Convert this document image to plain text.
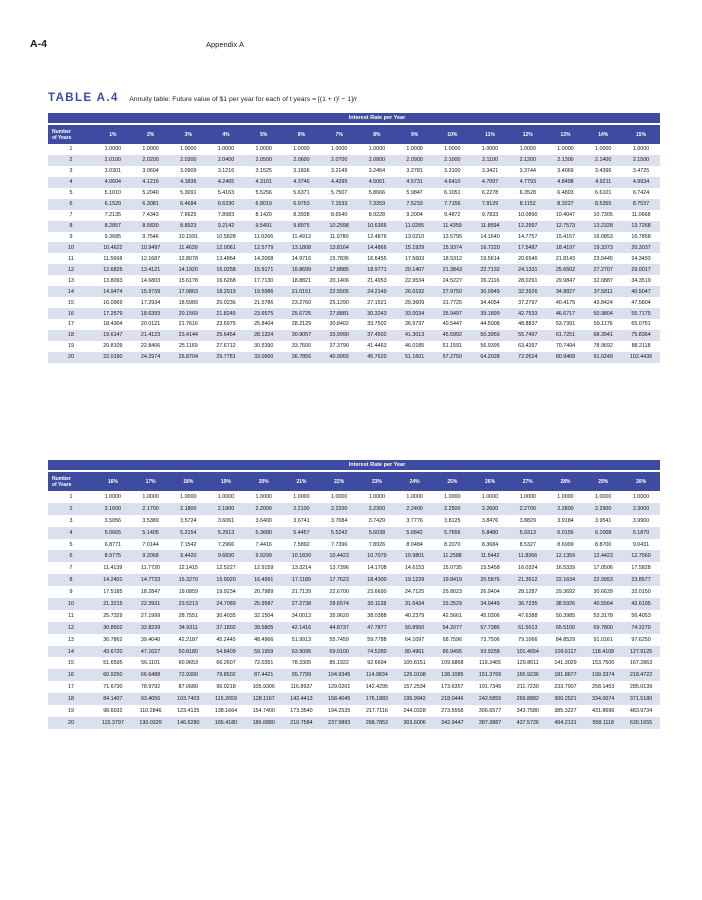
A-4	Appendix A
TABLE A.4 Annuity table: Future value of $1 per year for each of t years = [(1 + r)ᵗ − 1]/r
	Interest Rate per Year														

Number
of Years	1%	2%	3%	4%	5%	6%	7%	8%	9%	10%	11%	12%	13%	14%	15%
1	1.0000	1.0000	1.0000	1.0000	1.0000	1.0000	1.0000	1.0000	1.0000	1.0000	1.0000	1.0000	1.0000	1.0000	1.0000
2	2.0100	2.0200	2.0300	2.0400	2.0500	2.0600	2.0700	2.0800	2.0900	2.1000	2.1100	2.1200	2.1300	2.1400	2.1500
3	3.0301	3.0604	3.0909	3.1216	3.1525	3.1836	3.2149	3.2464	3.2781	3.3100	3.3421	3.3744	3.4069	3.4396	3.4725
4	4.0604	4.1216	4.1836	4.2465	4.3101	4.3746	4.4399	4.5061	4.5731	4.6410	4.7097	4.7793	4.8498	4.9211	4.9934
5	5.1010	5.2040	5.3091	5.4163	5.5256	5.6371	5.7507	5.8666	5.9847	6.1051	6.2278	6.3528	6.4803	6.6101	6.7424
6	6.1520	6.3081	6.4684	6.6330	6.8019	6.9753	7.1533	7.3359	7.5233	7.7156	7.9129	8.1152	8.3227	8.5355	8.7537
7	7.2135	7.4343	7.6625	7.8983	8.1420	8.3938	8.6540	8.9228	9.2004	9.4872	9.7833	10.0890	10.4047	10.7305	11.0668
8	8.2857	8.5830	8.8923	9.2142	9.5491	9.8975	10.2598	10.6366	11.0285	11.4359	11.8594	12.2997	12.7573	13.2328	13.7268
9	9.3685	9.7546	10.1591	10.5828	11.0266	11.4913	11.9780	12.4876	13.0210	13.5795	14.1640	14.7757	15.4157	16.0853	16.7858
10	10.4622	10.9497	11.4639	12.0061	12.5779	13.1808	13.8164	14.4866	15.1929	15.9374	16.7220	17.5487	18.4197	19.3373	20.3037
11	11.5668	12.1687	12.8078	13.4864	14.2068	14.9716	15.7836	16.6455	17.5603	18.5312	19.5614	20.6546	21.8143	23.0445	24.3493
12	12.6825	13.4121	14.1920	15.0258	15.9171	16.8699	17.8885	18.9771	20.1407	21.3843	22.7132	24.1331	25.6502	27.2707	29.0017
13	13.8093	14.6803	15.6178	16.6268	17.7130	18.8821	20.1406	21.4953	22.9534	24.5227	26.2116	28.0291	29.9847	32.0887	34.3519
14	14.9474	15.9739	17.0863	18.2919	19.5986	21.0151	22.5505	24.2149	26.0192	27.9750	30.0949	32.3926	34.8827	37.5811	40.5047
15	16.0969	17.2934	18.5989	20.0236	21.5786	23.2760	25.1290	27.1521	29.3609	31.7725	34.4054	37.2797	40.4175	43.8424	47.5804
16	17.2579	18.6393	20.1569	21.8245	23.6575	25.6725	27.8881	30.3243	33.0034	35.9497	39.1899	42.7533	46.6717	50.9804	55.7175
17	18.4304	20.0121	21.7616	23.6975	25.8404	28.2129	30.8402	33.7502	36.9737	40.5447	44.5008	48.8837	53.7391	59.1176	65.0751
18	19.6147	21.4123	23.4144	25.6454	28.1324	30.9057	33.9990	37.4502	41.3013	45.5992	50.3959	55.7497	61.7251	68.3941	75.8364
19	20.8109	22.8406	25.1169	27.6712	30.5390	33.7600	37.3790	41.4463	46.0185	51.1591	56.9395	63.4397	70.7494	78.9692	88.2118
20	22.0190	24.2974	26.8704	29.7781	33.0660	36.7856	40.9955	45.7620	51.1601	57.2750	64.2028	72.0524	80.9468	91.0249	102.4436
	Interest Rate per Year														

Number
of Years	16%	17%	18%	19%	20%	21%	22%	23%	24%	25%	26%	27%	28%	29%	30%
1	1.0000	1.0000	1.0000	1.0000	1.0000	1.0000	1.0000	1.0000	1.0000	1.0000	1.0000	1.0000	1.0000	1.0000	1.0000
2	2.1600	2.1700	2.1800	2.1900	2.2000	2.2100	2.2200	2.2300	2.2400	2.2500	2.2600	2.2700	2.2800	2.2900	2.3000
3	3.5056	3.5389	3.5724	3.6061	3.6400	3.6741	3.7084	3.7429	3.7776	3.8125	3.8476	3.8829	3.9184	3.9541	3.9900
4	5.0665	5.1405	5.2154	5.2913	5.3680	5.4457	5.5242	5.6038	5.6842	5.7656	5.8480	5.9313	6.0156	6.1008	6.1870
5	6.8771	7.0144	7.1542	7.2966	7.4416	7.5892	7.7396	7.8926	8.0484	8.2070	8.3684	8.5327	8.6999	8.8700	9.0431
6	8.9775	9.2068	9.4420	9.6830	9.9299	10.1830	10.4423	10.7079	10.9801	11.2588	11.5442	11.8366	12.1359	12.4423	12.7560
7	11.4139	11.7720	12.1415	12.5227	12.9159	13.3214	13.7396	14.1708	14.6153	15.0735	15.5458	16.0324	16.5339	17.0506	17.5828
8	14.2401	14.7733	15.3270	15.9020	16.4991	17.1189	17.7623	18.4300	19.1229	19.8419	20.5876	21.3612	22.1634	22.9953	23.8577
9	17.5185	18.2847	19.0859	19.9234	20.7989	21.7139	22.6700	23.6690	24.7125	25.8023	26.9404	28.1287	29.3692	30.6639	32.0150
10	21.3215	22.3931	23.5213	24.7089	25.9587	27.2738	28.6574	30.1128	31.6434	33.2529	34.9449	36.7235	38.5926	40.5564	42.6195
11	25.7329	27.1999	28.7551	30.4035	32.1504	34.0013	35.9620	38.0388	40.2379	42.5661	45.0306	47.6388	50.3985	53.3178	56.4053
12	30.8502	32.8239	34.9311	37.1802	39.5805	42.1416	44.8737	47.7877	50.8950	54.2077	57.7386	61.5013	65.5100	69.7800	74.3270
13	36.7862	39.4040	42.2187	45.2445	48.4966	51.9913	55.7459	59.7788	64.1097	68.7596	73.7506	79.1066	84.8529	91.0161	97.6250
14	43.6720	47.1027	50.8180	54.8409	59.1959	63.9095	69.0100	74.5280	80.4961	86.9495	93.9258	101.4654	109.6117	118.4108	127.9125
15	51.6595	56.1101	60.9653	66.2607	72.0351	78.3305	85.1922	92.6694	100.8151	109.6868	119.3465	129.8611	141.3029	153.7500	167.2863
16	60.9250	66.6488	72.9390	79.8502	87.4421	95.7799	104.9345	114.9834	126.0108	138.1085	151.3766	165.9236	181.8677	199.3374	218.4722
17	71.6730	78.9792	87.0680	96.0218	105.9306	116.8937	129.0201	142.4295	157.2534	173.6357	191.7345	211.7230	233.7907	258.1453	285.0139
18	84.1407	93.4056	103.7403	115.2659	128.1167	142.4413	158.4045	176.1883	195.9942	218.0446	242.5855	269.8882	300.2521	334.0074	371.5180
19	98.6032	110.2846	123.4135	138.1664	154.7400	173.3540	194.2535	217.7116	244.0328	273.5558	306.6577	343.7580	385.3227	431.8696	483.9734
20	115.3797	130.0329	146.6280	165.4180	186.6880	210.7584	237.9893	268.7853	303.6006	342.9447	387.3887	437.5726	494.2131	558.1118	630.1655
